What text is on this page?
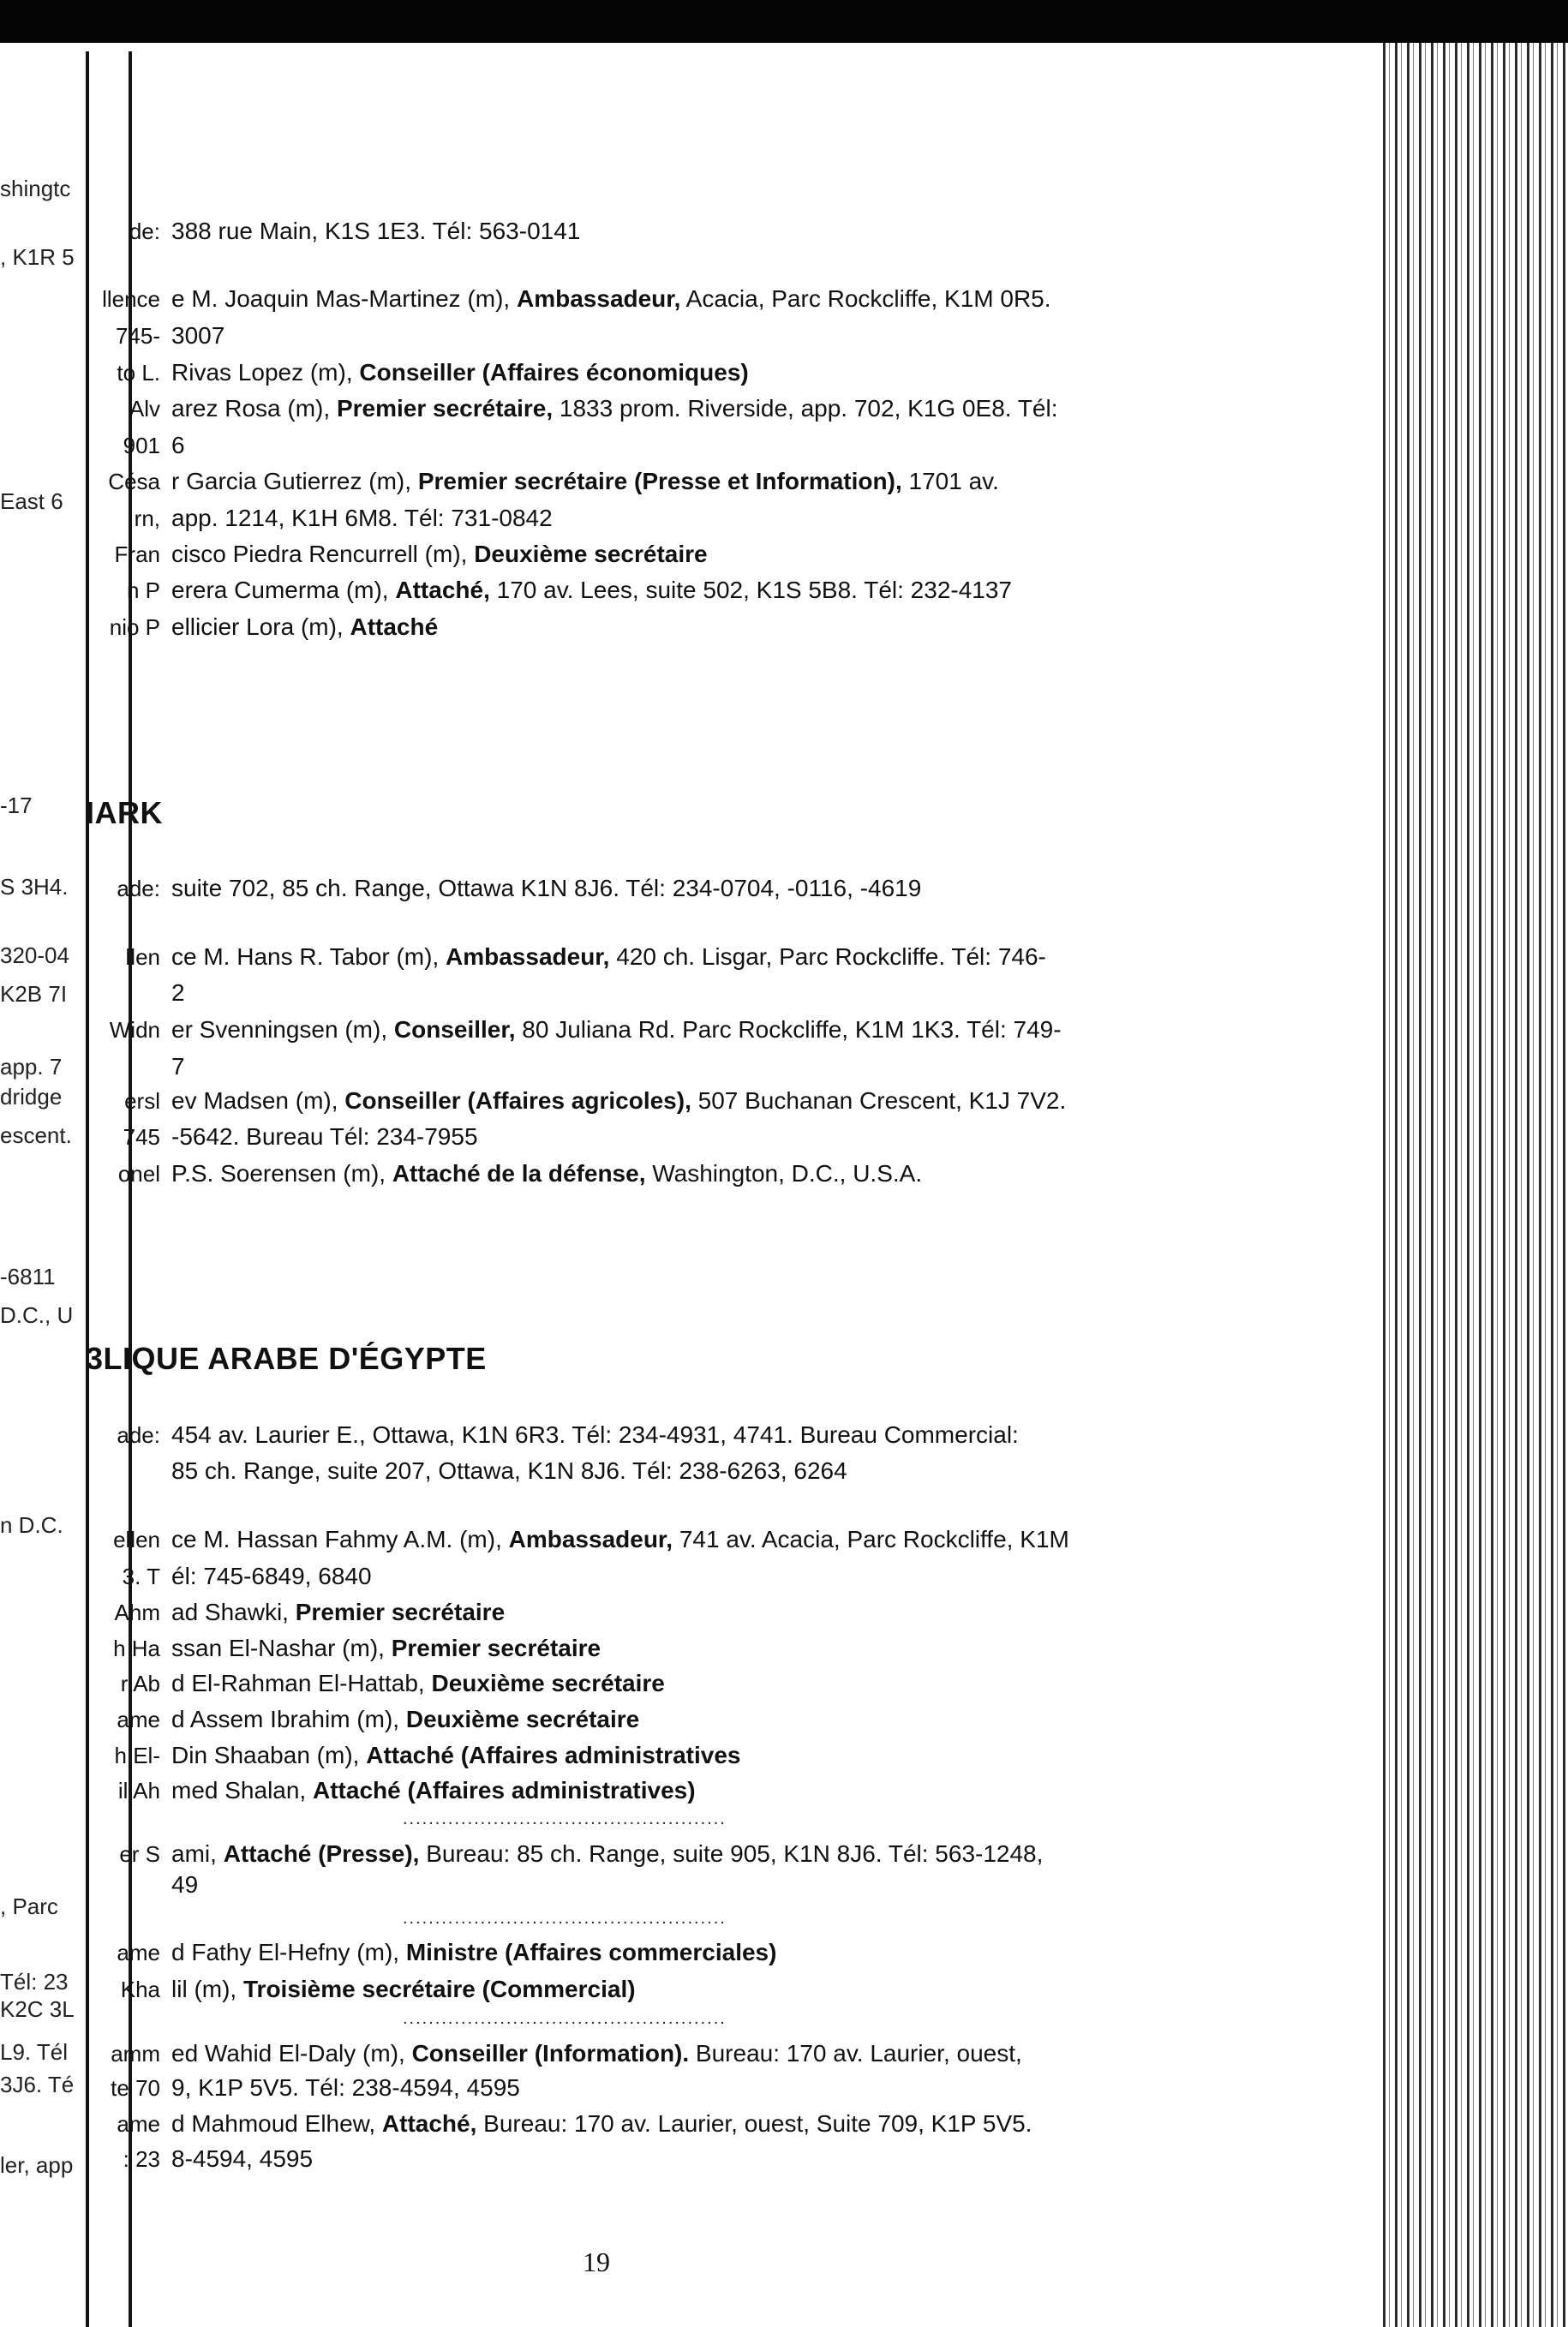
shingtc
, K1R 5
East 6
-17
S 3H4.
320-04
K2B 7I
app. 7
dridge
escent.
-6811
D.C., U
n D.C.
, Parc
Tél: 23
K2C 3L
L9. Tél
3J6. Té
ler, app
de: 388 rue Main, K1S 1E3. Tél: 563-0141
llence e M. Joaquin Mas-Martinez (m), Ambassadeur, Acacia, Parc Rockcliffe, K1M 0R5.
745- 3007
to L. Rivas Lopez (m), Conseiller (Affaires économiques)
Alv arez Rosa (m), Premier secrétaire, 1833 prom. Riverside, app. 702, K1G 0E8. Tél:
901 6
Césa r Garcia Gutierrez (m), Premier secrétaire (Presse et Information), 1701 av.
rn, app. 1214, K1H 6M8. Tél: 731-0842
Fran cisco Piedra Rencurrell (m), Deuxième secrétaire
n P erera Cumerma (m), Attaché, 170 av. Lees, suite 502, K1S 5B8. Tél: 232-4137
nio P ellicier Lora (m), Attaché
IARK
ade: suite 702, 85 ch. Range, Ottawa K1N 8J6. Tél: 234-0704, -0116, -4619
llen ce M. Hans R. Tabor (m), Ambassadeur, 420 ch. Lisgar, Parc Rockcliffe. Tél: 746-
2
Widn er Svenningsen (m), Conseiller, 80 Juliana Rd. Parc Rockcliffe, K1M 1K3. Tél: 749-
7
ersl ev Madsen (m), Conseiller (Affaires agricoles), 507 Buchanan Crescent, K1J 7V2.
745 -5642. Bureau Tél: 234-7955
onel P.S. Soerensen (m), Attaché de la défense, Washington, D.C., U.S.A.
3LIQUE ARABE D'ÉGYPTE
ade: 454 av. Laurier E., Ottawa, K1N 6R3. Tél: 234-4931, 4741. Bureau Commercial:
85 ch. Range, suite 207, Ottawa, K1N 8J6. Tél: 238-6263, 6264
ellen ce M. Hassan Fahmy A.M. (m), Ambassadeur, 741 av. Acacia, Parc Rockcliffe, K1M
3. T él: 745-6849, 6840
Ahm ad Shawki, Premier secrétaire
h Ha ssan El-Nashar (m), Premier secrétaire
r Ab d El-Rahman El-Hattab, Deuxième secrétaire
ame d Assem Ibrahim (m), Deuxième secrétaire
h El- Din Shaaban (m), Attaché (Affaires administratives
il Ah med Shalan, Attaché (Affaires administratives)
..................................................
er S ami, Attaché (Presse), Bureau: 85 ch. Range, suite 905, K1N 8J6. Tél: 563-1248,
49
..................................................
ame d Fathy El-Hefny (m), Ministre (Affaires commerciales)
Kha lil (m), Troisième secrétaire (Commercial)
..................................................
amm ed Wahid El-Daly (m), Conseiller (Information). Bureau: 170 av. Laurier, ouest,
te 70 9, K1P 5V5. Tél: 238-4594, 4595
ame d Mahmoud Elhew, Attaché, Bureau: 170 av. Laurier, ouest, Suite 709, K1P 5V5.
: 23 8-4594, 4595
19
